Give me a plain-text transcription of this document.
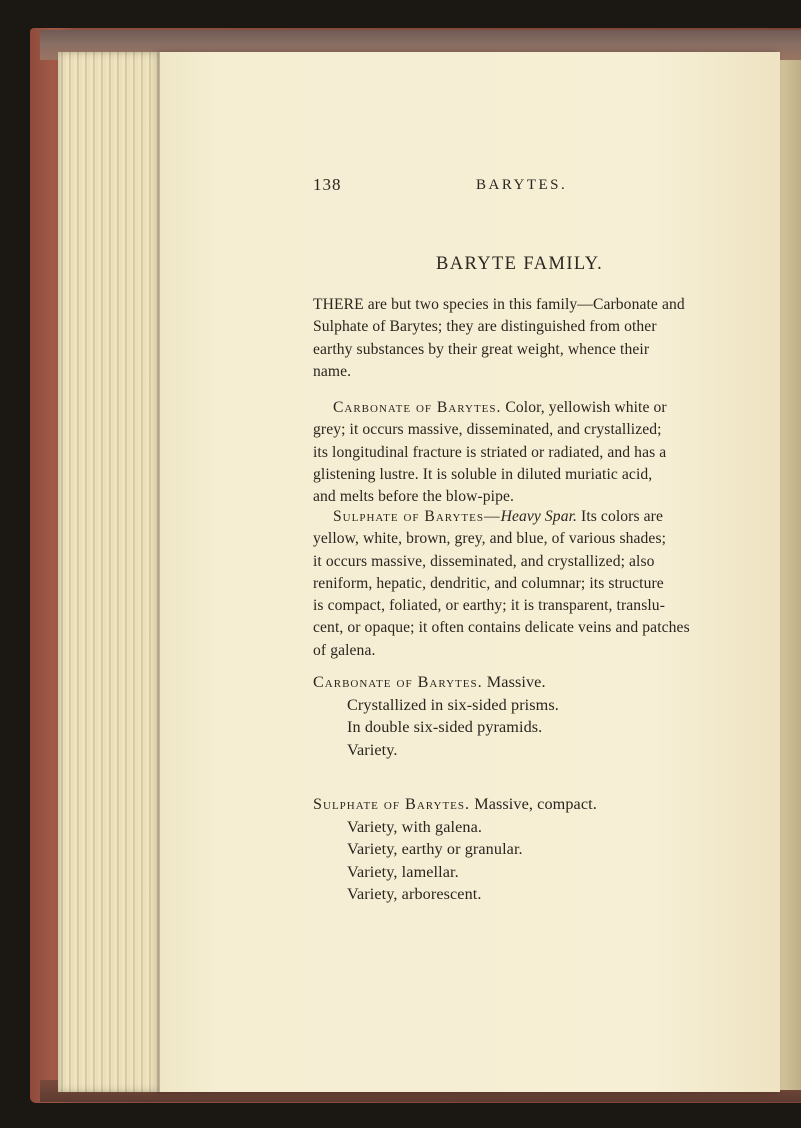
138	BARYTES.
BARYTE FAMILY.
THERE are but two species in this family—Carbonate and
Sulphate of Barytes; they are distinguished from other
earthy substances by their great weight, whence their
name.
Carbonate of Barytes. Color, yellowish white or
grey; it occurs massive, disseminated, and crystallized;
its longitudinal fracture is striated or radiated, and has a
glistening lustre. It is soluble in diluted muriatic acid,
and melts before the blow-pipe.
Sulphate of Barytes—Heavy Spar. Its colors are
yellow, white, brown, grey, and blue, of various shades;
it occurs massive, disseminated, and crystallized; also
reniform, hepatic, dendritic, and columnar; its structure
is compact, foliated, or earthy; it is transparent, translu-
cent, or opaque; it often contains delicate veins and patches
of galena.
Carbonate of Barytes. Massive.
Crystallized in six-sided prisms.
In double six-sided pyramids.
Variety.
Sulphate of Barytes. Massive, compact.
Variety, with galena.
Variety, earthy or granular.
Variety, lamellar.
Variety, arborescent.
